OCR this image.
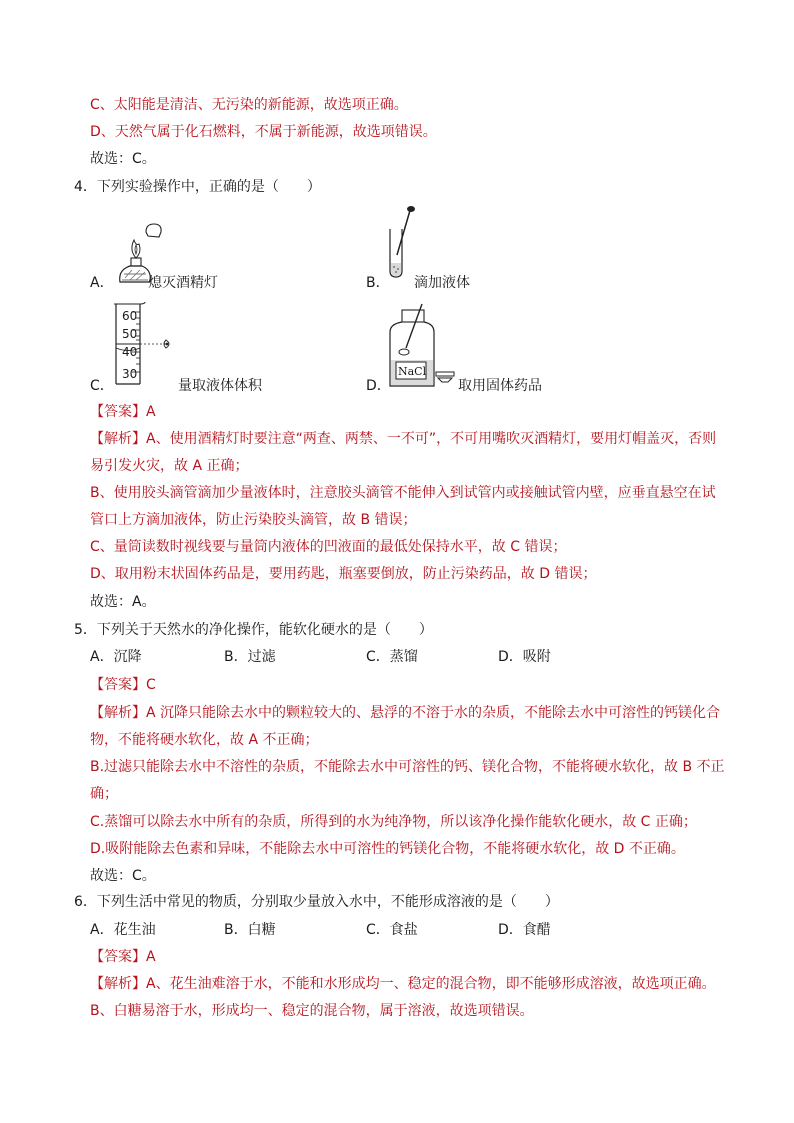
C、太阳能是清洁、无污染的新能源，故选项正确。
D、天然气属于化石燃料，不属于新能源，故选项错误。
故选：C。
4．下列实验操作中，正确的是（　　）
A． 熄灭酒精灯	B． 滴加液体
60
50
40
30
C．	量取液体体积
NaCl
D．	取用固体药品
【答案】A
【解析】A、使用酒精灯时要注意“两查、两禁、一不可”，不可用嘴吹灭酒精灯，要用灯帽盖灭，否则
易引发火灾，故 A 正确；
B、使用胶头滴管滴加少量液体时，注意胶头滴管不能伸入到试管内或接触试管内壁，应垂直悬空在试
管口上方滴加液体，防止污染胶头滴管，故 B 错误；
C、量筒读数时视线要与量筒内液体的凹液面的最低处保持水平，故 C 错误；
D、取用粉末状固体药品是，要用药匙，瓶塞要倒放，防止污染药品，故 D 错误；
故选：A。
5．下列关于天然水的净化操作，能软化硬水的是（　　）
A．沉降	B．过滤	C．蒸馏	D．吸附
【答案】C
【解析】A 沉降只能除去水中的颗粒较大的、悬浮的不溶于水的杂质，不能除去水中可溶性的钙镁化合
物，不能将硬水软化，故 A 不正确；
B.过滤只能除去水中不溶性的杂质，不能除去水中可溶性的钙、镁化合物，不能将硬水软化，故 B 不正
确；
C.蒸馏可以除去水中所有的杂质，所得到的水为纯净物，所以该净化操作能软化硬水，故 C 正确；
D.吸附能除去色素和异味，不能除去水中可溶性的钙镁化合物，不能将硬水软化，故 D 不正确。
故选：C。
6．下列生活中常见的物质，分别取少量放入水中，不能形成溶液的是（　　）
A．花生油	B．白糖	C．食盐	D．食醋
【答案】A
【解析】A、花生油难溶于水，不能和水形成均一、稳定的混合物，即不能够形成溶液，故选项正确。
B、白糖易溶于水，形成均一、稳定的混合物，属于溶液，故选项错误。
